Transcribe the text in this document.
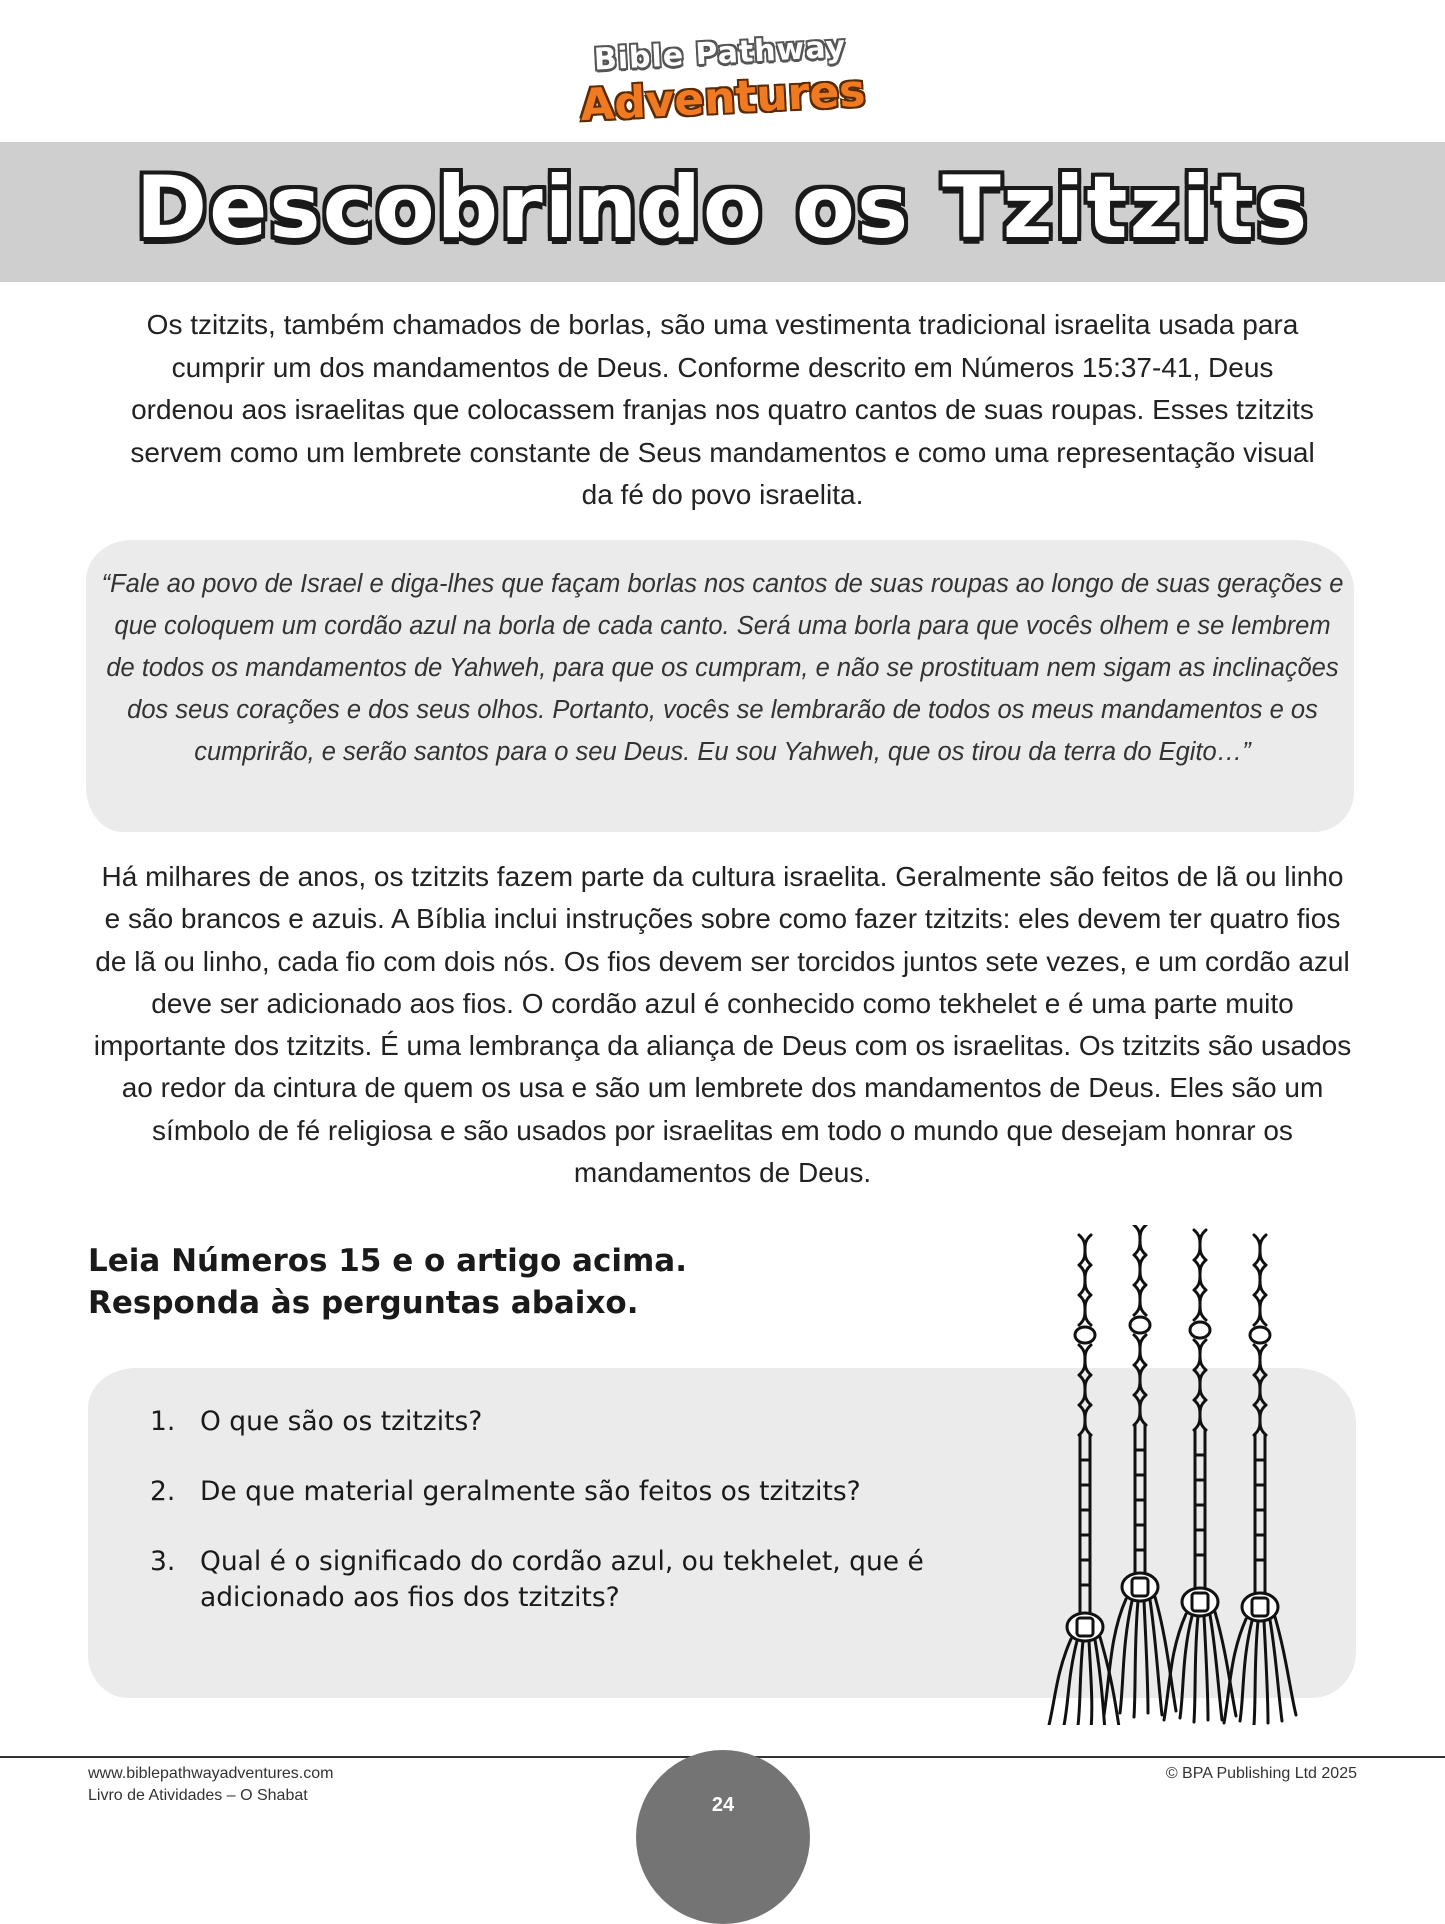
Bible Pathway
Adventures
Descobrindo os Tzitzits

Os tzitzits, também chamados de borlas, são uma vestimenta tradicional israelita usada para cumprir um dos mandamentos de Deus. Conforme descrito em Números 15:37-41, Deus ordenou aos israelitas que colocassem franjas nos quatro cantos de suas roupas. Esses tzitzits servem como um lembrete constante de Seus mandamentos e como uma representação visual da fé do povo israelita.

“Fale ao povo de Israel e diga-lhes que façam borlas nos cantos de suas roupas ao longo de suas gerações e que coloquem um cordão azul na borla de cada canto. Será uma borla para que vocês olhem e se lembrem de todos os mandamentos de Yahweh, para que os cumpram, e não se prostituam nem sigam as inclinações dos seus corações e dos seus olhos. Portanto, vocês se lembrarão de todos os meus mandamentos e os cumprirão, e serão santos para o seu Deus. Eu sou Yahweh, que os tirou da terra do Egito…”

Há milhares de anos, os tzitzits fazem parte da cultura israelita. Geralmente são feitos de lã ou linho e são brancos e azuis. A Bíblia inclui instruções sobre como fazer tzitzits: eles devem ter quatro fios de lã ou linho, cada fio com dois nós. Os fios devem ser torcidos juntos sete vezes, e um cordão azul deve ser adicionado aos fios. O cordão azul é conhecido como tekhelet e é uma parte muito importante dos tzitzits. É uma lembrança da aliança de Deus com os israelitas. Os tzitzits são usados ao redor da cintura de quem os usa e são um lembrete dos mandamentos de Deus. Eles são um símbolo de fé religiosa e são usados por israelitas em todo o mundo que desejam honrar os mandamentos de Deus.

Leia Números 15 e o artigo acima.
Responda às perguntas abaixo.
1. O que são os tzitzits?
2. De que material geralmente são feitos os tzitzits?
3. Qual é o significado do cordão azul, ou tekhelet, que é adicionado aos fios dos tzitzits?
www.biblepathwayadventures.com
Livro de Atividades – O Shabat
© BPA Publishing Ltd 2025
24
